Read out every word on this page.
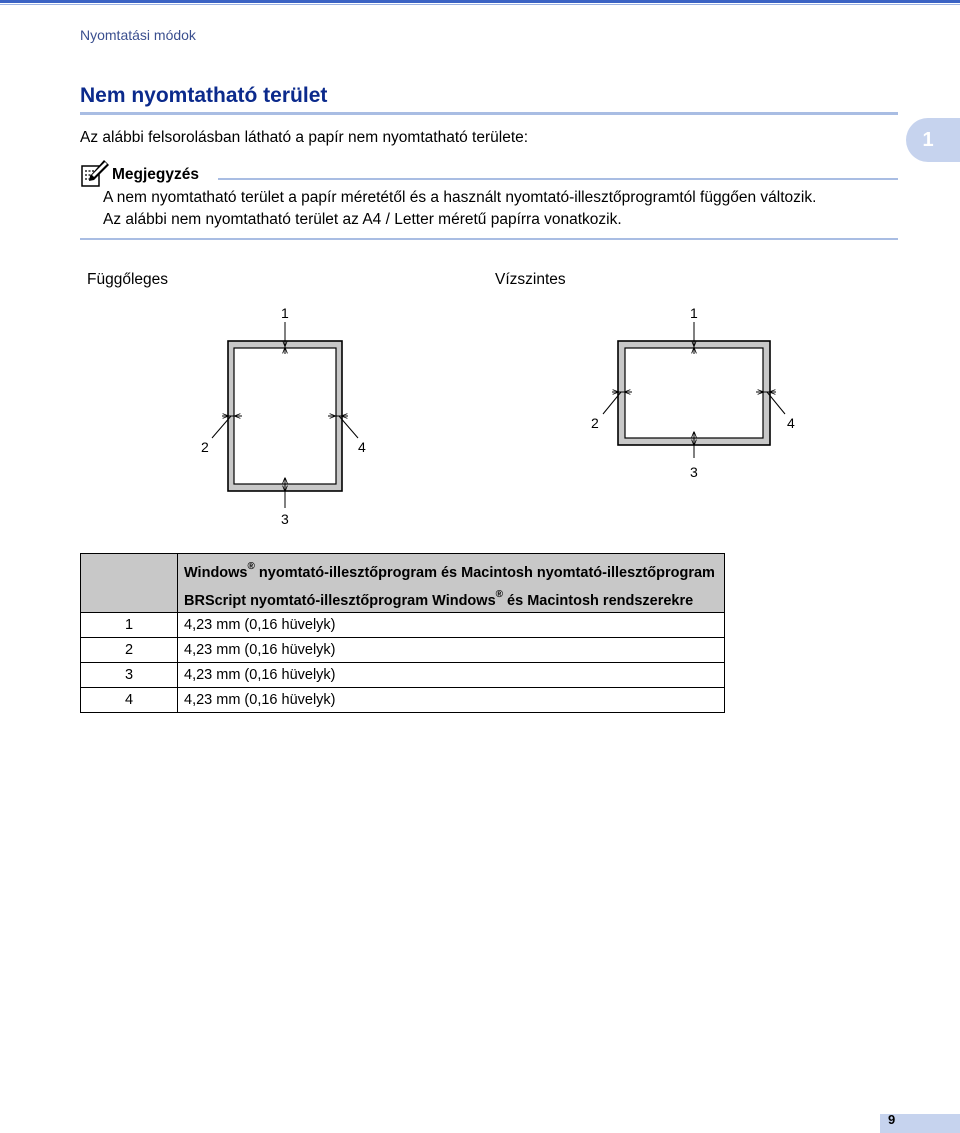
Nyomtatási módok
Nem nyomtatható terület
1
Az alábbi felsorolásban látható a papír nem nyomtatható területe:
Megjegyzés
A nem nyomtatható terület a papír méretétől és a használt nyomtató-illesztőprogramtól függően változik.
Az alábbi nem nyomtatható terület az A4 / Letter méretű papírra vonatkozik.
Függőleges	Vízszintes
1
2
3
4
1
2
3
4

	Windows® nyomtató-illesztőprogram és Macintosh nyomtató-illesztőprogram
BRScript nyomtató-illesztőprogram Windows® és Macintosh rendszerekre

1	4,23 mm (0,16 hüvelyk)
2	4,23 mm (0,16 hüvelyk)
3	4,23 mm (0,16 hüvelyk)
4	4,23 mm (0,16 hüvelyk)
9
